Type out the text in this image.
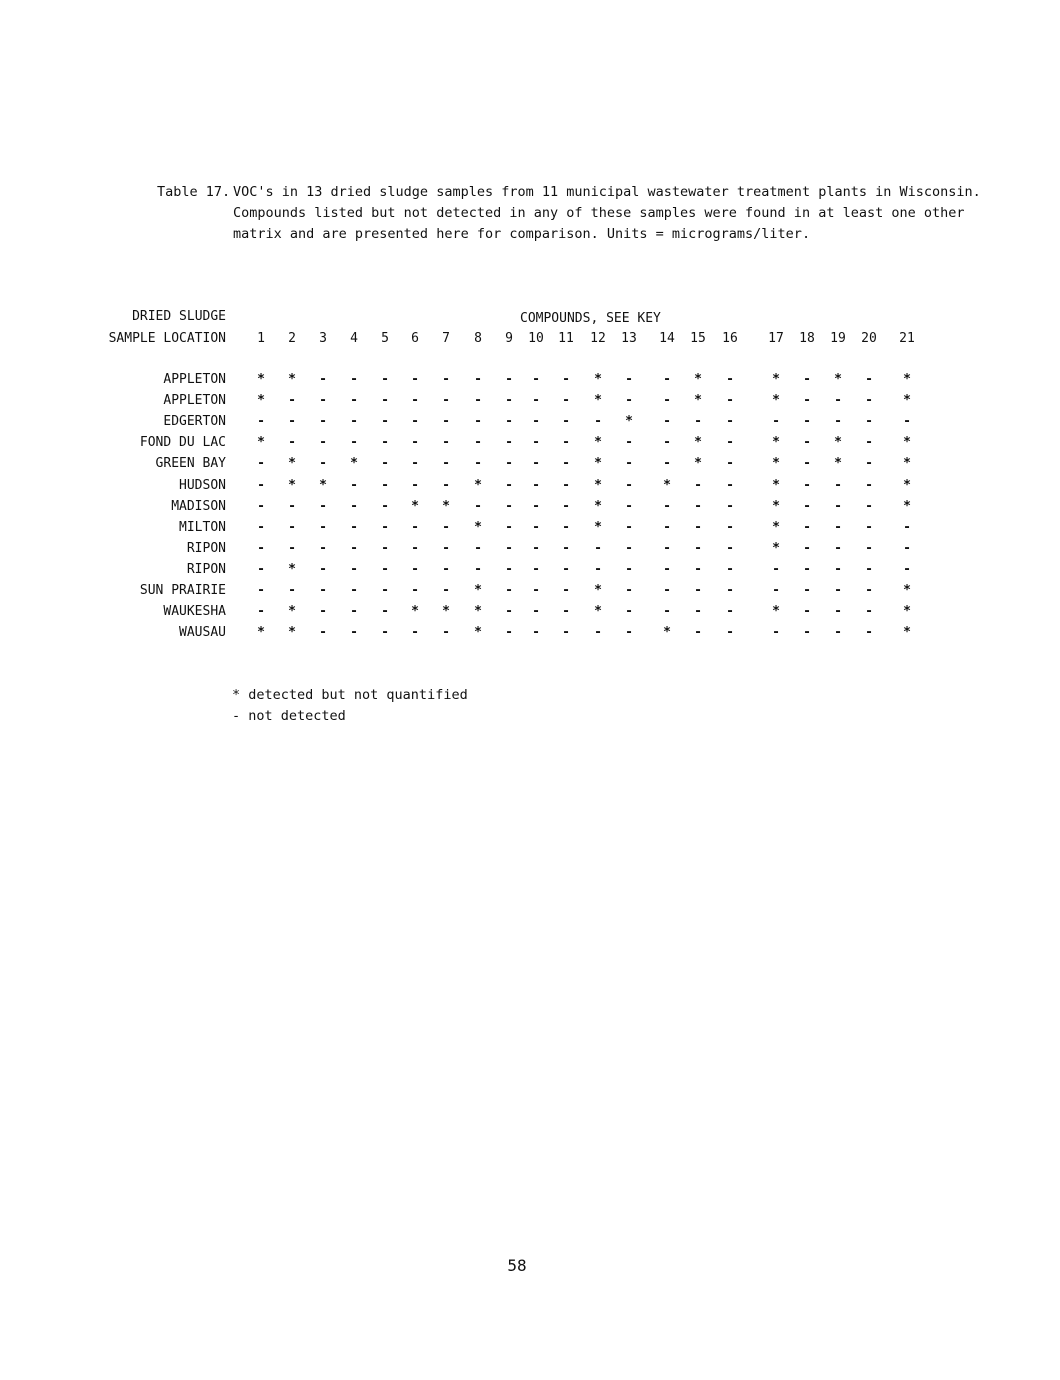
Table 17. VOC's in 13 dried sludge samples from 11 municipal wastewater treatment plants in Wisconsin.
Compounds listed but not detected in any of these samples were found in at least one other
matrix and are presented here for comparison. Units = micrograms/liter.
DRIED SLUDGE
SAMPLE LOCATION
COMPOUNDS, SEE KEY
1	2	3	4	5	6	7	8	9	10	11	12	13	14	15	16	17	18	19	20	21
APPLETON	*	*	-	-	-	-	-	-	-	-	-	*	-	-	*	-	*	-	*	-	*
APPLETON	*	-	-	-	-	-	-	-	-	-	-	*	-	-	*	-	*	-	-	-	*
EDGERTON	-	-	-	-	-	-	-	-	-	-	-	-	*	-	-	-	-	-	-	-	-
FOND DU LAC	*	-	-	-	-	-	-	-	-	-	-	*	-	-	*	-	*	-	*	-	*
GREEN BAY	-	*	-	*	-	-	-	-	-	-	-	*	-	-	*	-	*	-	*	-	*
HUDSON	-	*	*	-	-	-	-	*	-	-	-	*	-	*	-	-	*	-	-	-	*
MADISON	-	-	-	-	-	*	*	-	-	-	-	*	-	-	-	-	*	-	-	-	*
MILTON	-	-	-	-	-	-	-	*	-	-	-	*	-	-	-	-	*	-	-	-	-
RIPON	-	-	-	-	-	-	-	-	-	-	-	-	-	-	-	-	*	-	-	-	-
RIPON	-	*	-	-	-	-	-	-	-	-	-	-	-	-	-	-	-	-	-	-	-
SUN PRAIRIE	-	-	-	-	-	-	-	*	-	-	-	*	-	-	-	-	-	-	-	-	*
WAUKESHA	-	*	-	-	-	*	*	*	-	-	-	*	-	-	-	-	*	-	-	-	*
WAUSAU	*	*	-	-	-	-	-	*	-	-	-	-	-	*	-	-	-	-	-	-	*
* detected but not quantified
- not detected
58
